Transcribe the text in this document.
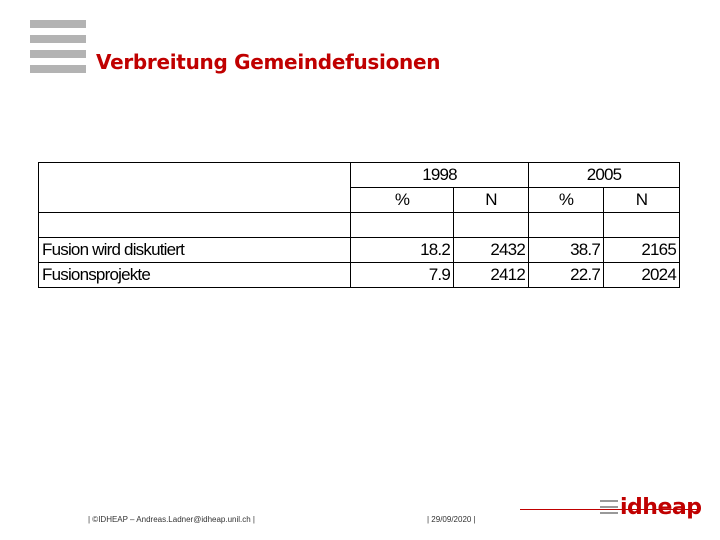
Verbreitung Gemeindefusionen
	1998		2005	
	%	N	%	N

Fusion wird diskutiert	18.2	2432	38.7	2165
Fusionsprojekte	7.9	2412	22.7	2024
| ©IDHEAP – Andreas.Ladner@idheap.unil.ch |	| 29/09/2020 |	idheap
